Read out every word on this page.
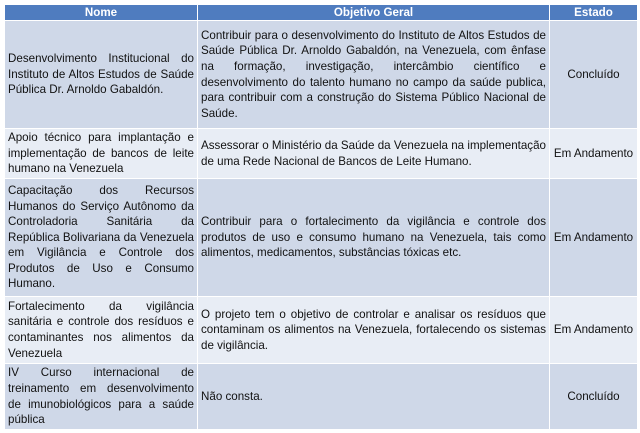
Nome	Objetivo Geral	Estado
Desenvolvimento Institucional do Instituto de Altos Estudos de Saúde Pública Dr. Arnoldo Gabaldón.	Contribuir para o desenvolvimento do Instituto de Altos Estudos de Saúde Pública Dr. Arnoldo Gabaldón, na Venezuela, com ênfase na formação, investigação, intercâmbio científico e desenvolvimento do talento humano no campo da saúde publica, para contribuir com a construção do Sistema Público Nacional de Saúde.	Concluído
Apoio técnico para implantação e implementação de bancos de leite humano na Venezuela	Assessorar o Ministério da Saúde da Venezuela na implementação de uma Rede Nacional de Bancos de Leite Humano.	Em Andamento
Capacitação dos Recursos Humanos do Serviço Autônomo da Controladoria Sanitária da República Bolivariana da Venezuela em Vigilância e Controle dos Produtos de Uso e Consumo Humano.	Contribuir para o fortalecimento da vigilância e controle dos produtos de uso e consumo humano na Venezuela, tais como alimentos, medicamentos, substâncias tóxicas etc.	Em Andamento
Fortalecimento da vigilância sanitária e controle dos resíduos e contaminantes nos alimentos da Venezuela	O projeto tem o objetivo de controlar e analisar os resíduos que contaminam os alimentos na Venezuela, fortalecendo os sistemas de vigilância.	Em Andamento
IV Curso internacional de treinamento em desenvolvimento de imunobiológicos para a saúde pública	Não consta.	Concluído
